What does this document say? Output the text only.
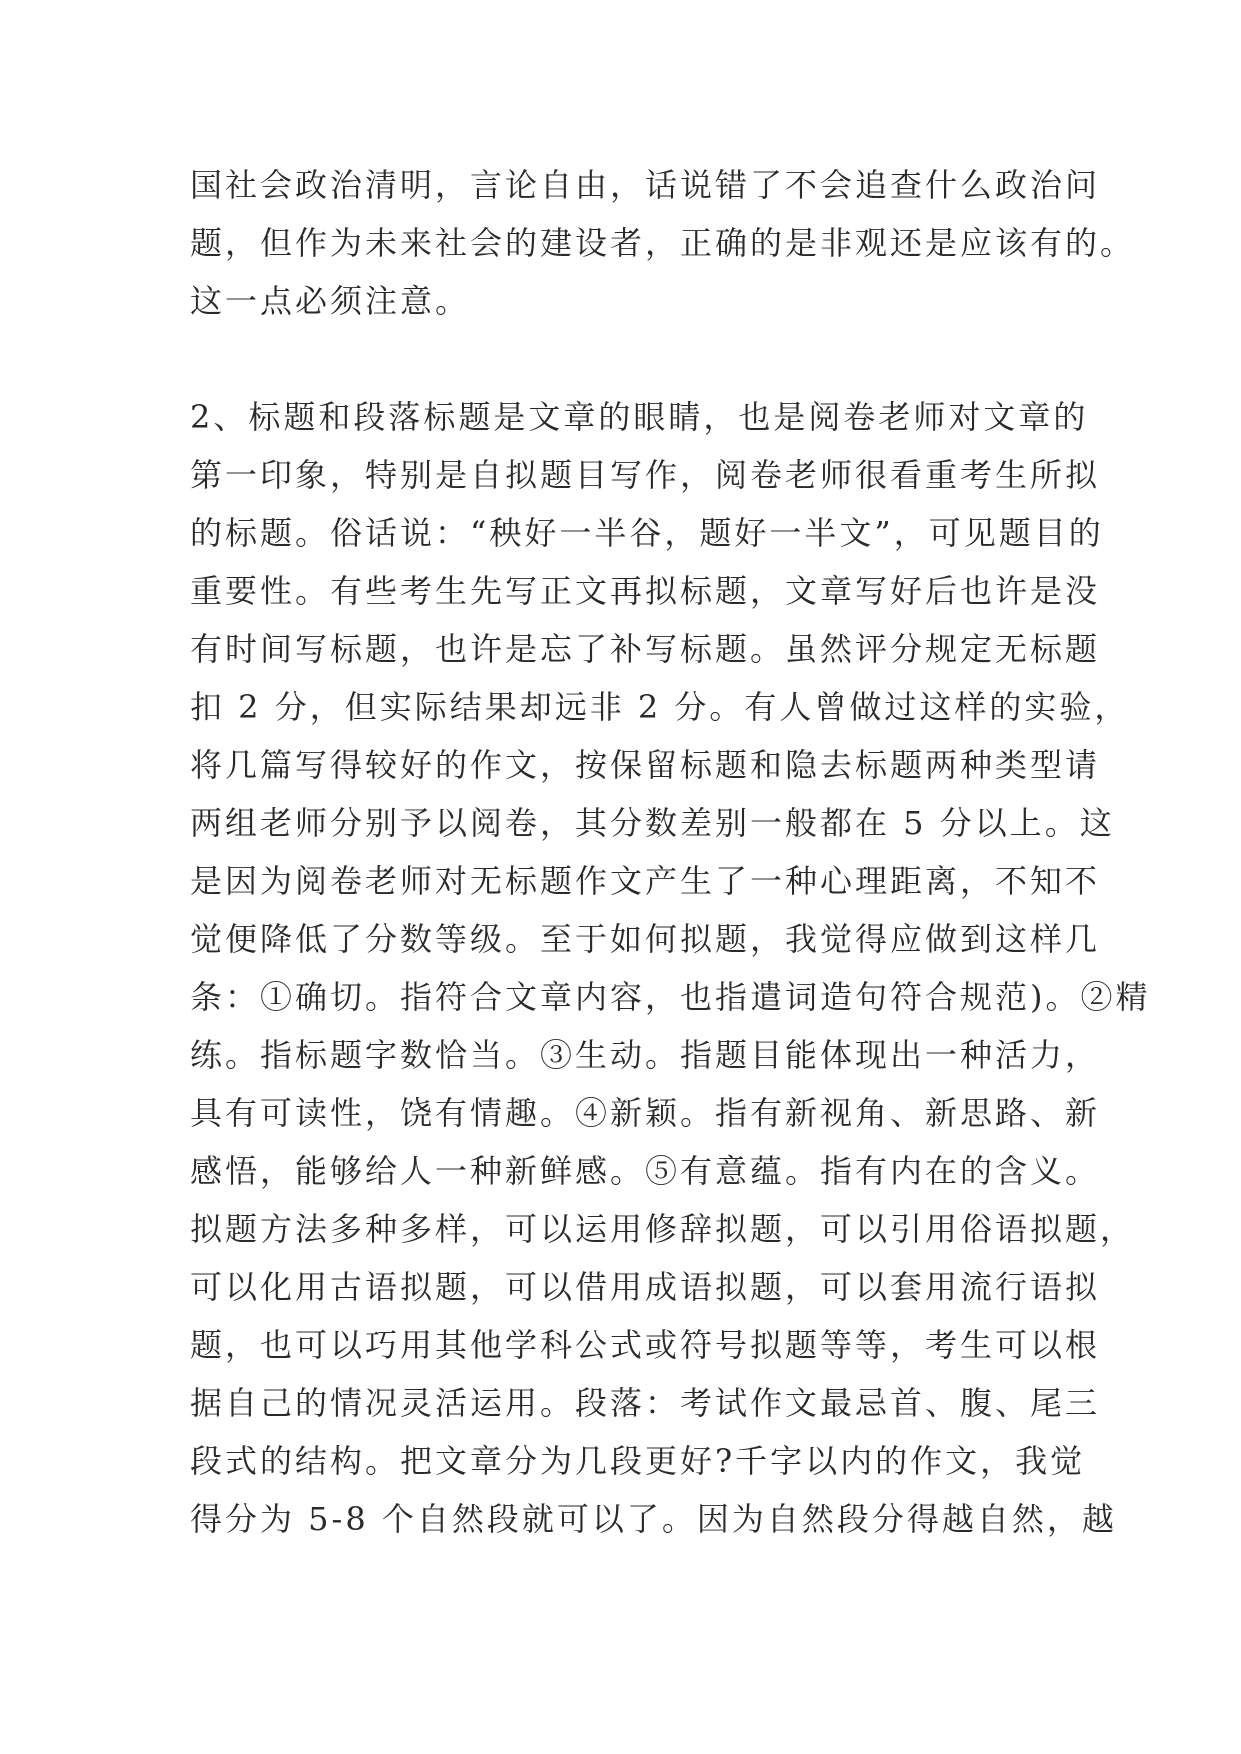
国社会政治清明，言论自由，话说错了不会追查什么政治问
题，但作为未来社会的建设者，正确的是非观还是应该有的。
这一点必须注意。

2、标题和段落标题是文章的眼睛，也是阅卷老师对文章的
第一印象，特别是自拟题目写作，阅卷老师很看重考生所拟
的标题。俗话说：“秧好一半谷，题好一半文”，可见题目的
重要性。有些考生先写正文再拟标题，文章写好后也许是没
有时间写标题，也许是忘了补写标题。虽然评分规定无标题
扣 2 分，但实际结果却远非 2 分。有人曾做过这样的实验，
将几篇写得较好的作文，按保留标题和隐去标题两种类型请
两组老师分别予以阅卷，其分数差别一般都在 5 分以上。这
是因为阅卷老师对无标题作文产生了一种心理距离，不知不
觉便降低了分数等级。至于如何拟题，我觉得应做到这样几
条：①确切。指符合文章内容，也指遣词造句符合规范)。②精
练。指标题字数恰当。③生动。指题目能体现出一种活力，
具有可读性，饶有情趣。④新颖。指有新视角、新思路、新
感悟，能够给人一种新鲜感。⑤有意蕴。指有内在的含义。
拟题方法多种多样，可以运用修辞拟题，可以引用俗语拟题，
可以化用古语拟题，可以借用成语拟题，可以套用流行语拟
题，也可以巧用其他学科公式或符号拟题等等，考生可以根
据自己的情况灵活运用。段落：考试作文最忌首、腹、尾三
段式的结构。把文章分为几段更好?千字以内的作文，我觉
得分为 5-8 个自然段就可以了。因为自然段分得越自然，越
